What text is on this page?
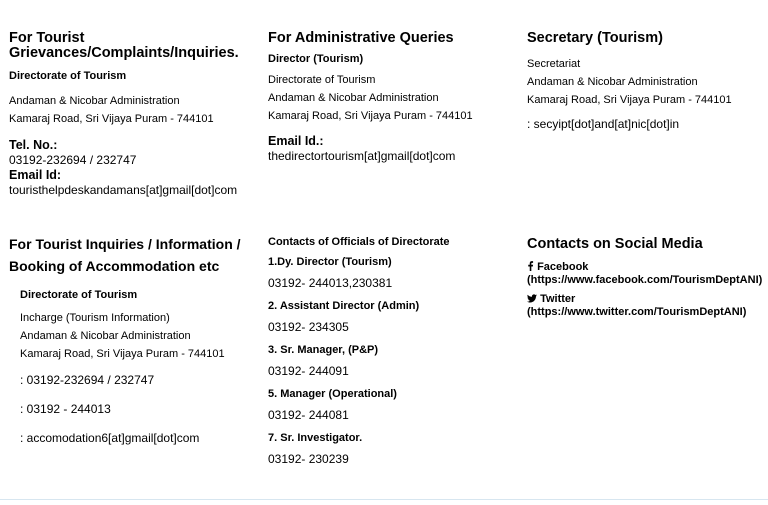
For Tourist

Grievances/Complaints/Inquiries.

Directorate of Tourism

Andaman & Nicobar Administration

Kamaraj Road, Sri Vijaya Puram - 744101

Tel. No.:

03192-232694 / 232747

Email Id:

touristhelpdeskandamans[at]gmail[dot]com

For Administrative Queries

Director (Tourism)

Directorate of Tourism

Andaman & Nicobar Administration

Kamaraj Road, Sri Vijaya Puram - 744101

Email Id.:

thedirectortourism[at]gmail[dot]com

Secretary (Tourism)

Secretariat

Andaman & Nicobar Administration

Kamaraj Road, Sri Vijaya Puram - 744101

: secyipt[dot]and[at]nic[dot]in

For Tourist Inquiries / Information /

Booking of Accommodation etc

Directorate of Tourism

Incharge (Tourism Information)

Andaman & Nicobar Administration

Kamaraj Road, Sri Vijaya Puram - 744101

: 03192-232694 / 232747

: 03192 - 244013

: accomodation6[at]gmail[dot]com

Contacts of Officials of Directorate

1.Dy. Director (Tourism)

03192- 244013,230381

2. Assistant Director (Admin)

03192- 234305

3. Sr. Manager, (P&P)

03192- 244091

5. Manager (Operational)

03192- 244081

7. Sr. Investigator.

03192- 230239

Contacts on Social Media

Facebook
(https://www.facebook.com/TourismDeptANI)
Twitter
(https://www.twitter.com/TourismDeptANI)
